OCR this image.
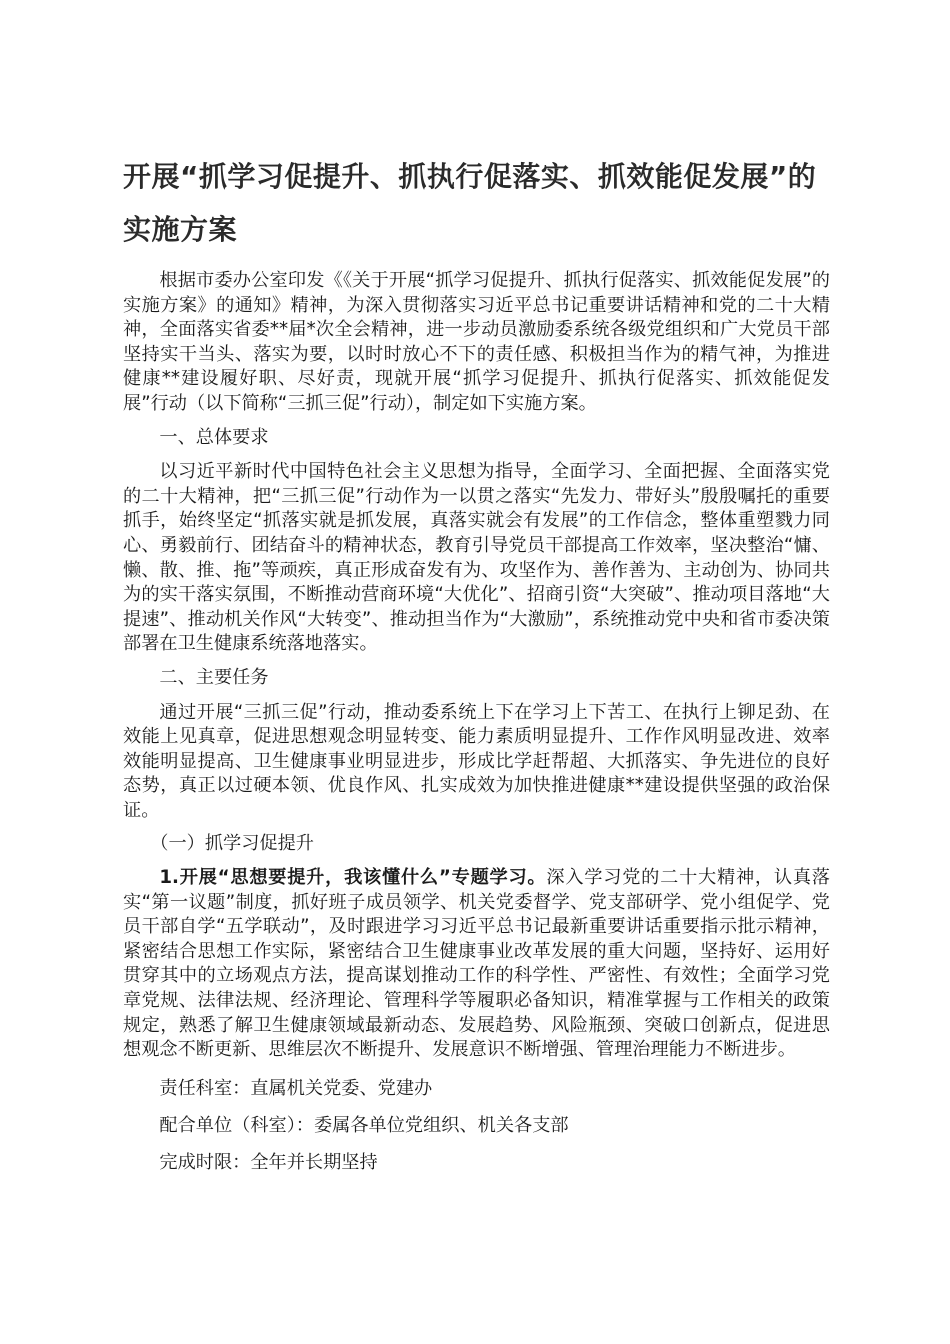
开展“抓学习促提升、抓执行促落实、抓效能促发展”的
实施方案

根据市委办公室印发《《关于开展“抓学习促提升、抓执行促落实、抓效能促发展”的实施方案》的通知》精神，为深入贯彻落实习近平总书记重要讲话精神和党的二十大精神，全面落实省委**届*次全会精神，进一步动员激励委系统各级党组织和广大党员干部坚持实干当头、落实为要，以时时放心不下的责任感、积极担当作为的精气神，为推进健康**建设履好职、尽好责，现就开展“抓学习促提升、抓执行促落实、抓效能促发展”行动（以下简称“三抓三促”行动），制定如下实施方案。

一、总体要求

以习近平新时代中国特色社会主义思想为指导，全面学习、全面把握、全面落实党的二十大精神，把“三抓三促”行动作为一以贯之落实“先发力、带好头”殷殷嘱托的重要抓手，始终坚定“抓落实就是抓发展，真落实就会有发展”的工作信念，整体重塑戮力同心、勇毅前行、团结奋斗的精神状态，教育引导党员干部提高工作效率，坚决整治“慵、懒、散、推、拖”等顽疾，真正形成奋发有为、攻坚作为、善作善为、主动创为、协同共为的实干落实氛围，不断推动营商环境“大优化”、招商引资“大突破”、推动项目落地“大提速”、推动机关作风“大转变”、推动担当作为“大激励”，系统推动党中央和省市委决策部署在卫生健康系统落地落实。

二、主要任务

通过开展“三抓三促”行动，推动委系统上下在学习上下苦工、在执行上铆足劲、在效能上见真章，促进思想观念明显转变、能力素质明显提升、工作作风明显改进、效率效能明显提高、卫生健康事业明显进步，形成比学赶帮超、大抓落实、争先进位的良好态势，真正以过硬本领、优良作风、扎实成效为加快推进健康**建设提供坚强的政治保证。

（一）抓学习促提升

1.开展“思想要提升，我该懂什么”专题学习。深入学习党的二十大精神，认真落实“第一议题”制度，抓好班子成员领学、机关党委督学、党支部研学、党小组促学、党员干部自学“五学联动”，及时跟进学习习近平总书记最新重要讲话重要指示批示精神，紧密结合思想工作实际，紧密结合卫生健康事业改革发展的重大问题，坚持好、运用好贯穿其中的立场观点方法，提高谋划推动工作的科学性、严密性、有效性；全面学习党章党规、法律法规、经济理论、管理科学等履职必备知识，精准掌握与工作相关的政策规定，熟悉了解卫生健康领域最新动态、发展趋势、风险瓶颈、突破口创新点，促进思想观念不断更新、思维层次不断提升、发展意识不断增强、管理治理能力不断进步。

责任科室：直属机关党委、党建办

配合单位（科室）：委属各单位党组织、机关各支部

完成时限：全年并长期坚持
